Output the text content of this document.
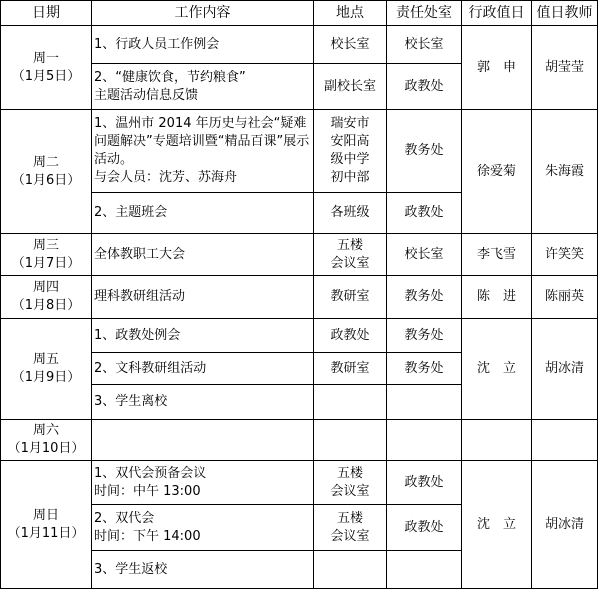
日期	工作内容	地点	责任处室	行政值日	值日教师

周一
（1月5日）	1、行政人员工作例会	校长室	校长室	郭　申	胡莹莹

	2、“健康饮食，节约粮食”
主题活动信息反馈	副校长室	政教处		

周二
（1月6日）	1、温州市 2014 年历史与社会“疑难问题解决”专题培训暨“精品百课”展示活动。
与会人员：沈芳、苏海舟	瑞安市
安阳高
级中学
初中部	教务处	徐爱菊	朱海霞
	2、主题班会	各班级	政教处		

周三
（1月7日）	全体教职工大会	五楼
会议室	校长室	李飞雪	许笑笑

周四
（1月8日）	理科教研组活动	教研室	教务处	陈　进	陈丽英

周五
（1月9日）	1、政教处例会	政教处	教务处	沈　立	胡冰清
	2、文科教研组活动	教研室	教务处		
	3、学生离校				

周六
（1月10日）					

周日
（1月11日）	1、双代会预备会议
时间：中午 13:00	五楼
会议室	政教处	沈　立	胡冰清

	2、双代会
时间：下午 14:00	五楼
会议室	政教处		
	3、学生返校				
